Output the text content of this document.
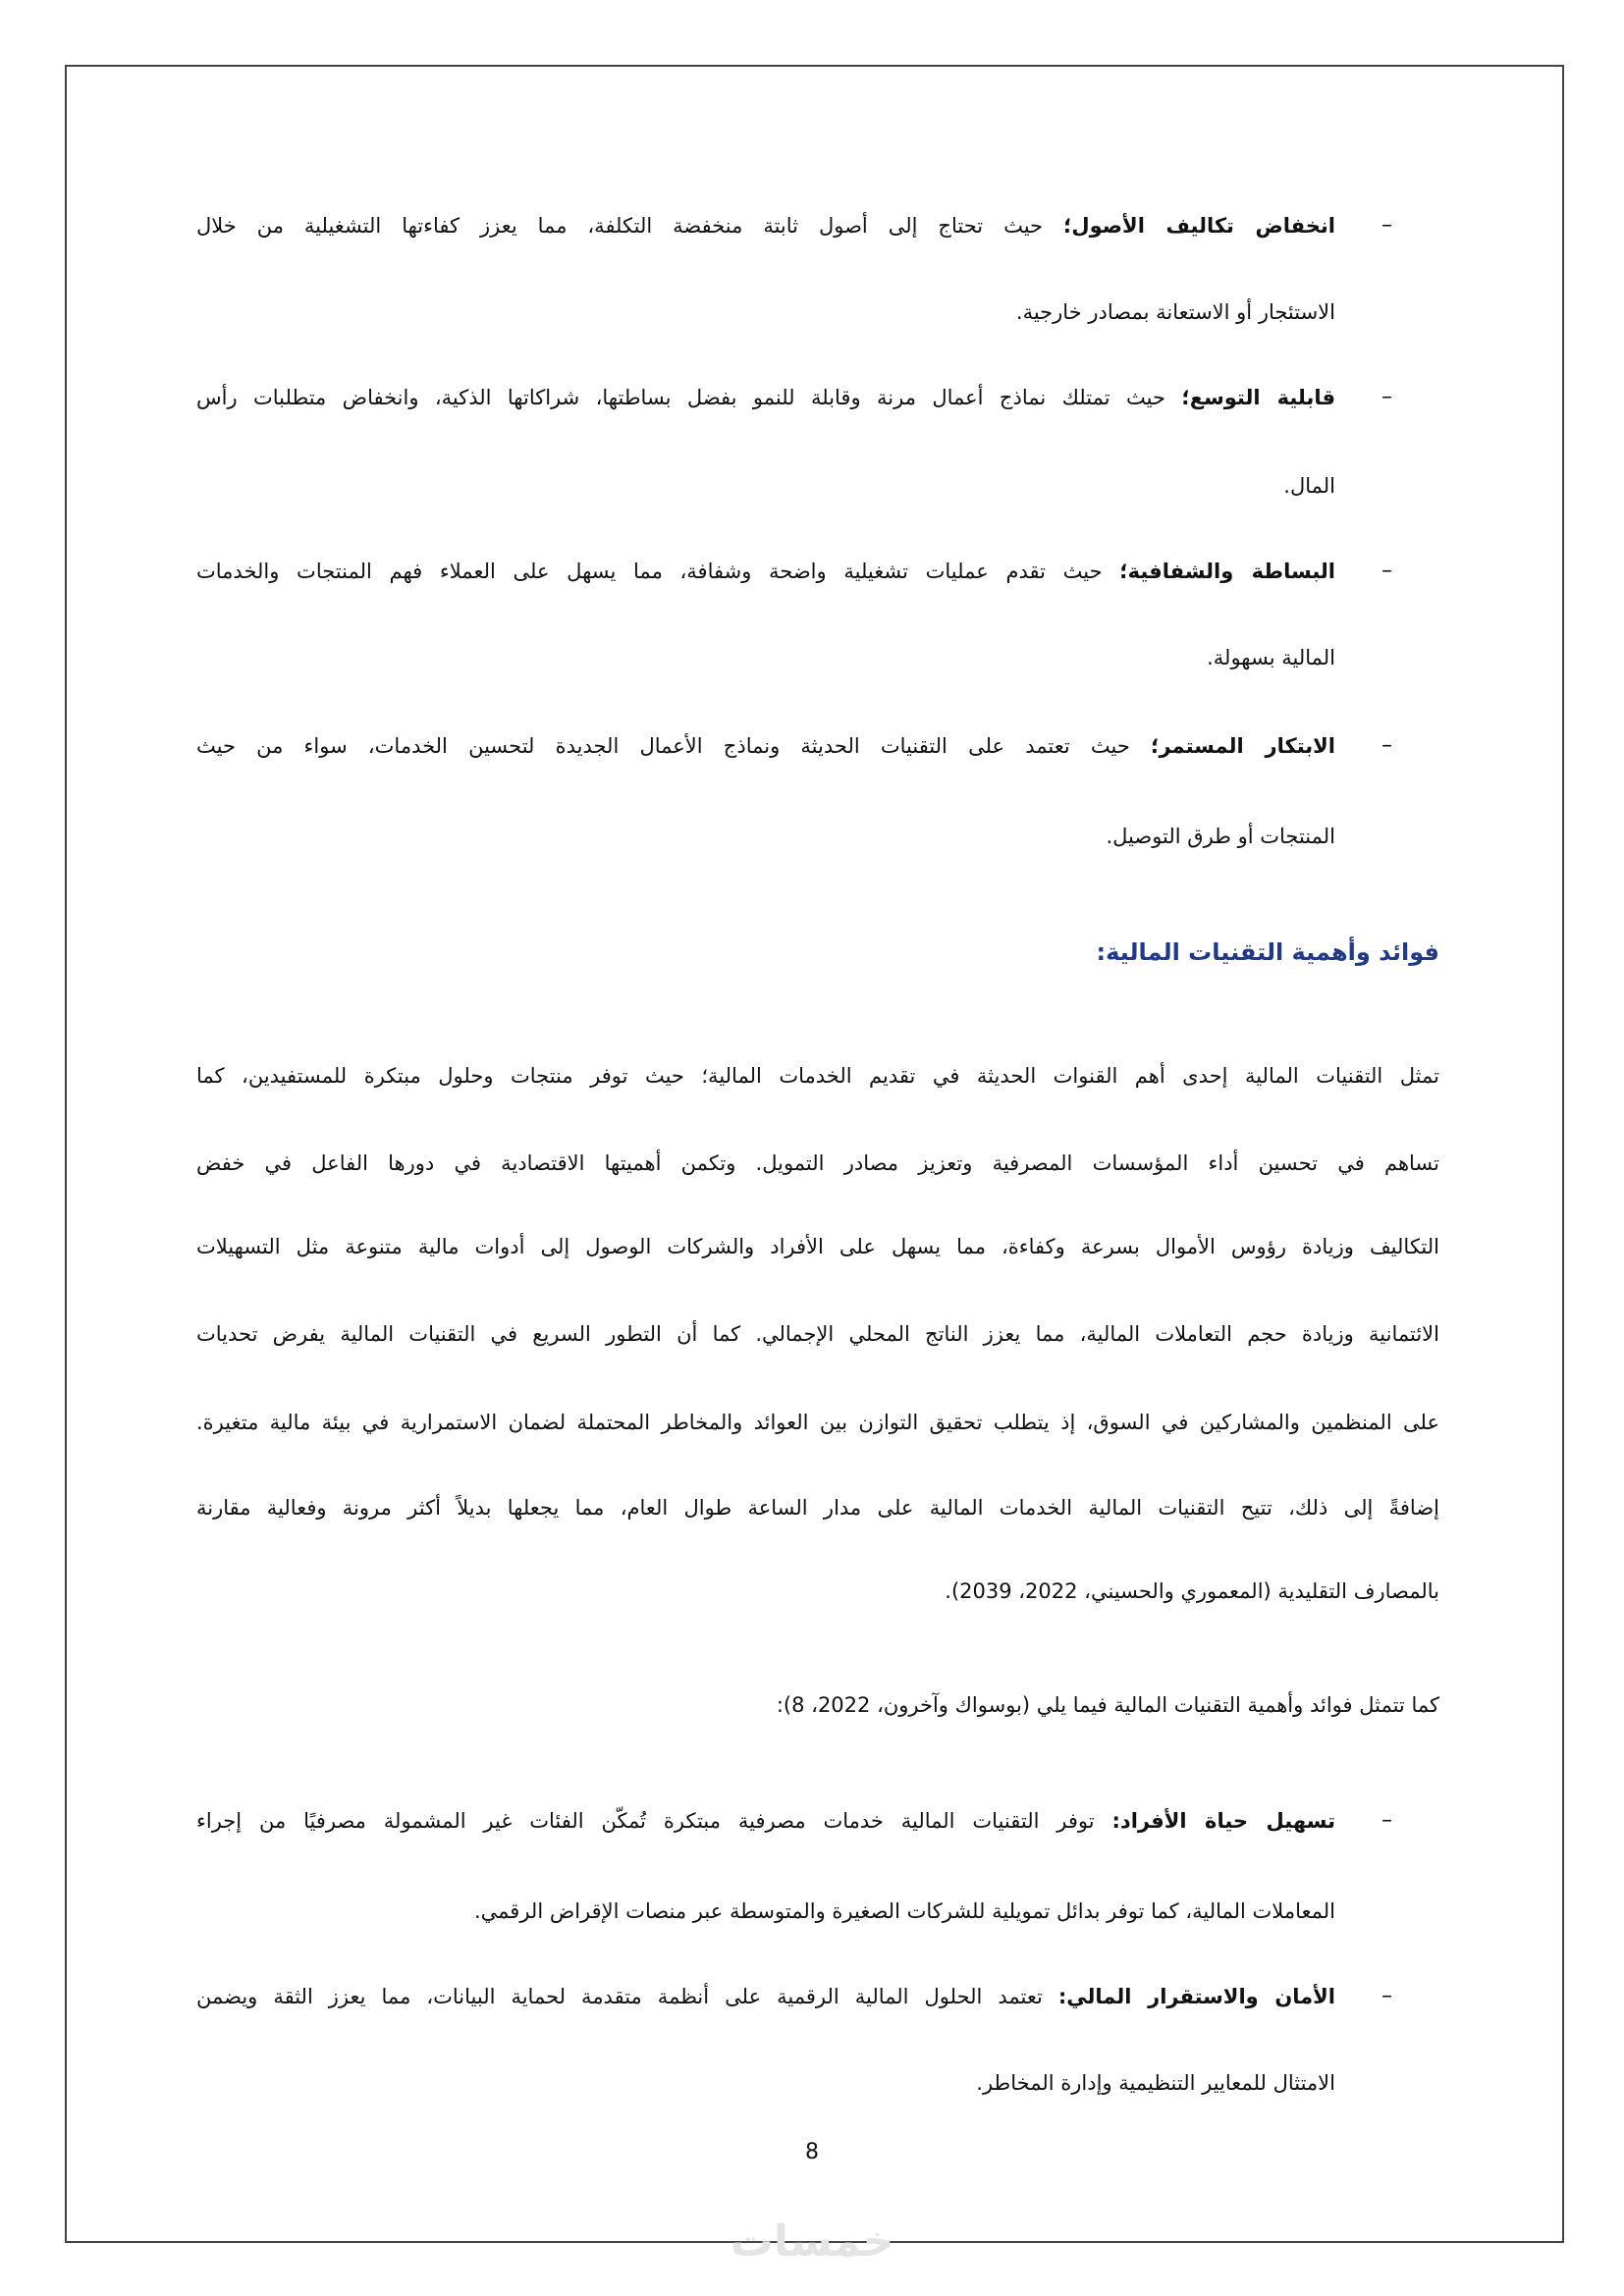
–
انخفاض تكاليف الأصول؛ حيث تحتاج إلى أصول ثابتة منخفضة التكلفة، مما يعزز كفاءتها التشغيلية من خلال
الاستئجار أو الاستعانة بمصادر خارجية.
–
قابلية التوسع؛ حيث تمتلك نماذج أعمال مرنة وقابلة للنمو بفضل بساطتها، شراكاتها الذكية، وانخفاض متطلبات رأس
المال.
–
البساطة والشفافية؛ حيث تقدم عمليات تشغيلية واضحة وشفافة، مما يسهل على العملاء فهم المنتجات والخدمات
المالية بسهولة.
–
الابتكار المستمر؛ حيث تعتمد على التقنيات الحديثة ونماذج الأعمال الجديدة لتحسين الخدمات، سواء من حيث
المنتجات أو طرق التوصيل.
فوائد وأهمية التقنيات المالية:
تمثل التقنيات المالية إحدى أهم القنوات الحديثة في تقديم الخدمات المالية؛ حيث توفر منتجات وحلول مبتكرة للمستفيدين، كما
تساهم في تحسين أداء المؤسسات المصرفية وتعزيز مصادر التمويل. وتكمن أهميتها الاقتصادية في دورها الفاعل في خفض
التكاليف وزيادة رؤوس الأموال بسرعة وكفاءة، مما يسهل على الأفراد والشركات الوصول إلى أدوات مالية متنوعة مثل التسهيلات
الائتمانية وزيادة حجم التعاملات المالية، مما يعزز الناتج المحلي الإجمالي. كما أن التطور السريع في التقنيات المالية يفرض تحديات
على المنظمين والمشاركين في السوق، إذ يتطلب تحقيق التوازن بين العوائد والمخاطر المحتملة لضمان الاستمرارية في بيئة مالية متغيرة.
إضافةً إلى ذلك، تتيح التقنيات المالية الخدمات المالية على مدار الساعة طوال العام، مما يجعلها بديلاً أكثر مرونة وفعالية مقارنة
بالمصارف التقليدية (المعموري والحسيني، 2022، 2039).
كما تتمثل فوائد وأهمية التقنيات المالية فيما يلي (بوسواك وآخرون، 2022، 8):
–
تسهيل حياة الأفراد: توفر التقنيات المالية خدمات مصرفية مبتكرة تُمكّن الفئات غير المشمولة مصرفيًا من إجراء
المعاملات المالية، كما توفر بدائل تمويلية للشركات الصغيرة والمتوسطة عبر منصات الإقراض الرقمي.
–
الأمان والاستقرار المالي: تعتمد الحلول المالية الرقمية على أنظمة متقدمة لحماية البيانات، مما يعزز الثقة ويضمن
الامتثال للمعايير التنظيمية وإدارة المخاطر.
8
خمسات
